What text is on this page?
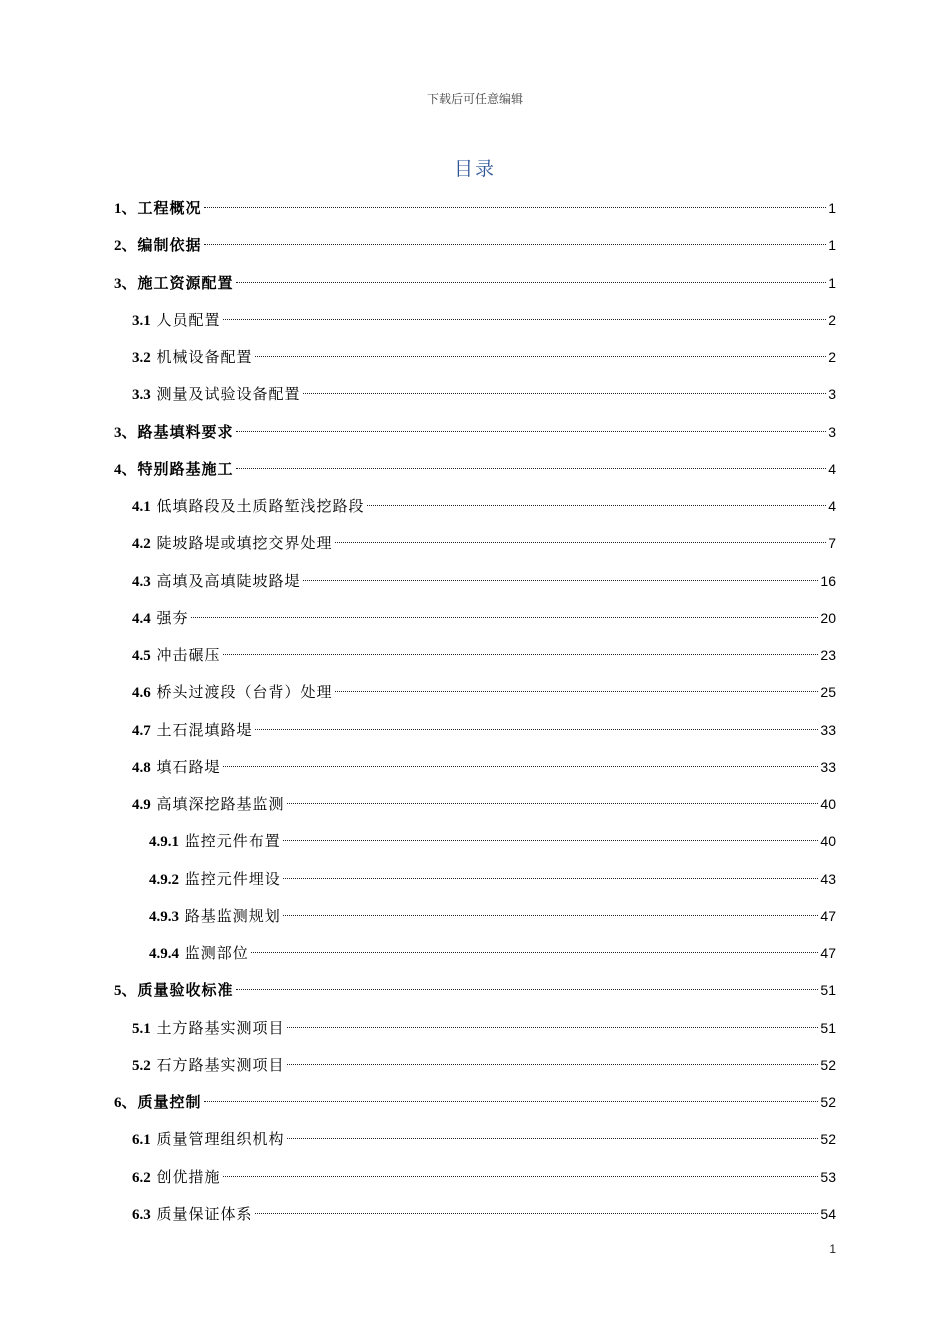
下载后可任意编辑
目录
1、工程概况	1
2、编制依据	1
3、施工资源配置	1
3.1 人员配置	2
3.2 机械设备配置	2
3.3 测量及试验设备配置	3
3、路基填料要求	3
4、特别路基施工	4
4.1 低填路段及土质路堑浅挖路段	4
4.2 陡坡路堤或填挖交界处理	7
4.3 高填及高填陡坡路堤	16
4.4 强夯	20
4.5 冲击碾压	23
4.6 桥头过渡段（台背）处理	25
4.7 土石混填路堤	33
4.8 填石路堤	33
4.9 高填深挖路基监测	40
4.9.1 监控元件布置	40
4.9.2 监控元件埋设	43
4.9.3 路基监测规划	47
4.9.4 监测部位	47
5、质量验收标准	51
5.1 土方路基实测项目	51
5.2 石方路基实测项目	52
6、质量控制	52
6.1 质量管理组织机构	52
6.2 创优措施	53
6.3 质量保证体系	54
1
